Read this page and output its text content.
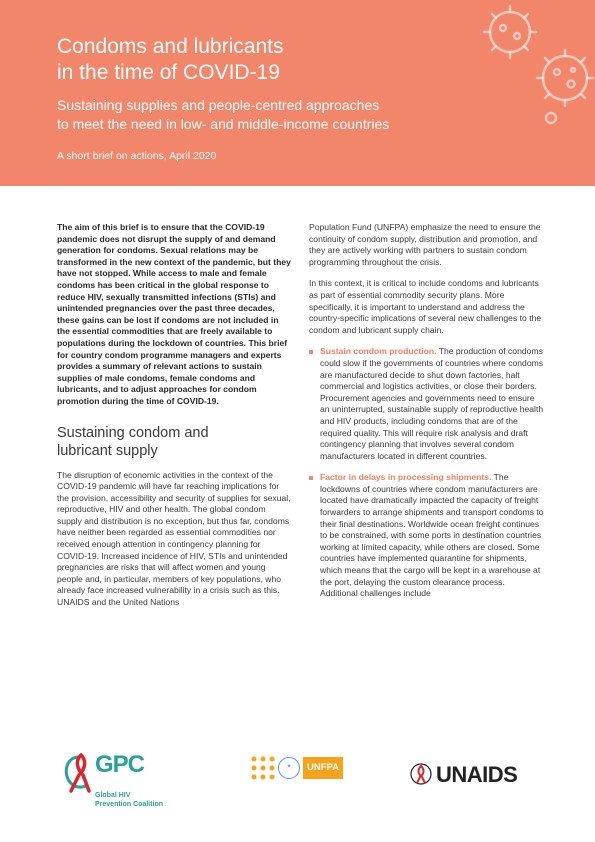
Condoms and lubricants
in the time of COVID-19
Sustaining supplies and people-centred approaches
to meet the need in low- and middle-income countries

A short brief on actions, April 2020

The aim of this brief is to ensure that the COVID-19 pandemic does not disrupt the supply of and demand generation for condoms. Sexual relations may be transformed in the new context of the pandemic, but they have not stopped. While access to male and female condoms has been critical in the global response to reduce HIV, sexually transmitted infections (STIs) and unintended pregnancies over the past three decades, these gains can be lost if condoms are not included in the essential commodities that are freely available to populations during the lockdown of countries. This brief for country condom programme managers and experts provides a summary of relevant actions to sustain supplies of male condoms, female condoms and lubricants, and to adjust approaches for condom promotion during the time of COVID-19.

Sustaining condom and
lubricant supply

The disruption of economic activities in the context of the COVID-19 pandemic will have far reaching implications for the provision, accessibility and security of supplies for sexual, reproductive, HIV and other health. The global condom supply and distribution is no exception, but thus far, condoms have neither been regarded as essential commodities nor received enough attention in contingency planning for COVID-19. Increased incidence of HIV, STIs and unintended pregnancies are risks that will affect women and young people and, in particular, members of key populations, who already face increased vulnerability in a crisis such as this. UNAIDS and the United Nations

Population Fund (UNFPA) emphasize the need to ensure the continuity of condom supply, distribution and promotion, and they are actively working with partners to sustain condom programming throughout the crisis.

In this context, it is critical to include condoms and lubricants as part of essential commodity security plans. More specifically, it is important to understand and address the country-specific implications of several new challenges to the condom and lubricant supply chain.

Sustain condom production. The production of condoms could slow if the governments of countries where condoms are manufactured decide to shut down factories, halt commercial and logistics activities, or close their borders. Procurement agencies and governments need to ensure an uninterrupted, sustainable supply of reproductive health and HIV products, including condoms that are of the required quality. This will require risk analysis and draft contingency planning that involves several condom manufacturers located in different countries.
Factor in delays in processing shipments. The lockdowns of countries where condom manufacturers are located have dramatically impacted the capacity of freight forwarders to arrange shipments and transport condoms to their final destinations. Worldwide ocean freight continues to be constrained, with some ports in destination countries working at limited capacity, while others are closed. Some countries have implemented quarantine for shipments, which means that the cargo will be kept in a warehouse at the port, delaying the custom clearance process. Additional challenges include
GPC
Global HIV
Prevention Coalition
✦	UNFPA	UNAIDS
